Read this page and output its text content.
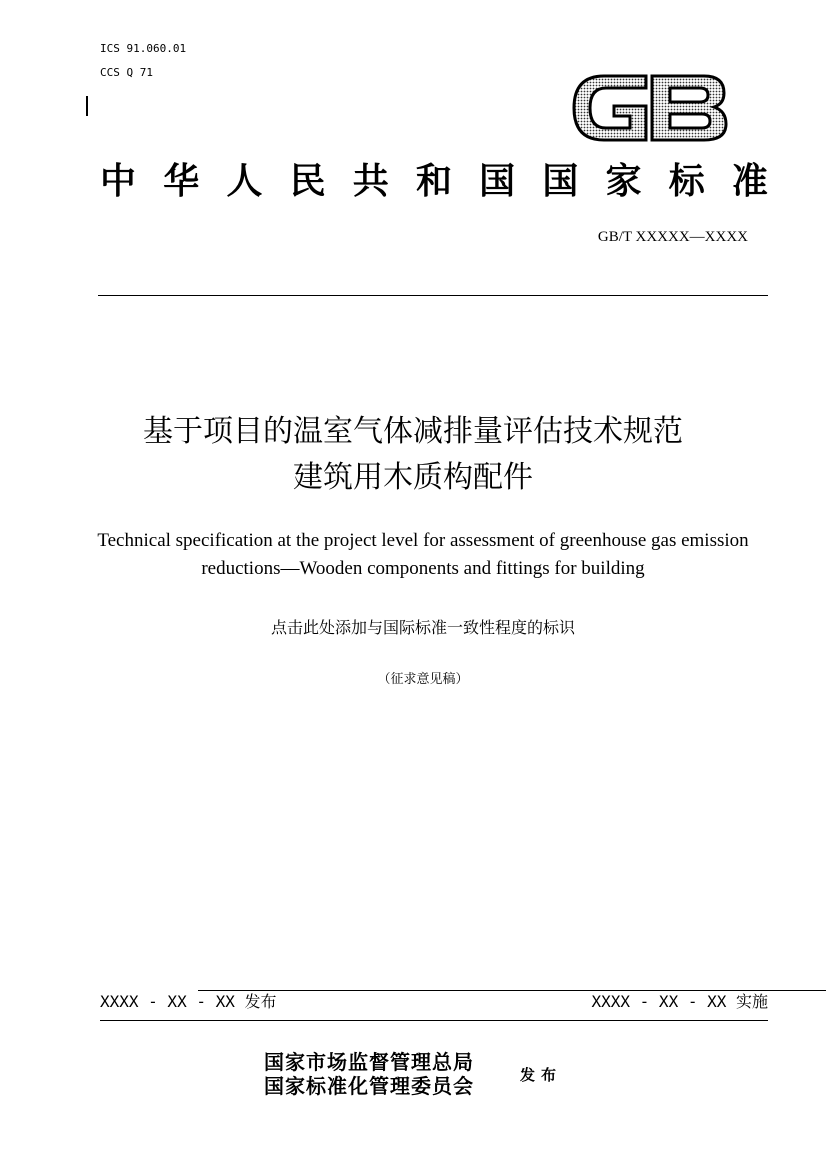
ICS 91.060.01
CCS Q 71
GB
中 华 人 民 共 和 国 国 家 标 准
GB/T XXXXX—XXXX
基于项目的温室气体减排量评估技术规范
建筑用木质构配件
Technical specification at the project level for assessment of greenhouse gas emission
reductions—Wooden components and fittings for building
点击此处添加与国际标准一致性程度的标识
（征求意见稿）
XXXX - XX - XX 发布	XXXX - XX - XX 实施
国家市场监督管理总局
国家标准化管理委员会	发布
